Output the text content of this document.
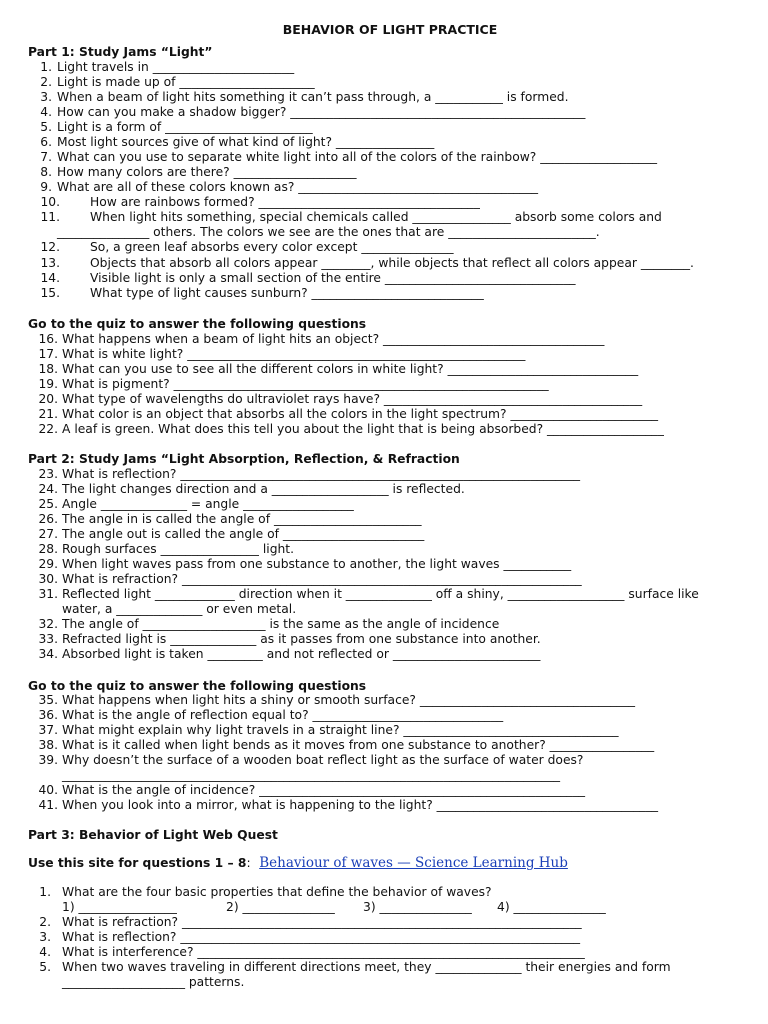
BEHAVIOR OF LIGHT PRACTICE
Part 1: Study Jams “Light”
1. Light travels in _______________________
2. Light is made up of ______________________
3. When a beam of light hits something it can’t pass through, a ___________ is formed.
4. How can you make a shadow bigger? ________________________________________________
5. Light is a form of ________________________
6. Most light sources give of what kind of light? ________________
7. What can you use to separate white light into all of the colors of the rainbow? ___________________
8. How many colors are there? ____________________
9. What are all of these colors known as? _______________________________________
10. How are rainbows formed? ____________________________________
11. When light hits something, special chemicals called ________________ absorb some colors and
12. So, a green leaf absorbs every color except _______________
13. Objects that absorb all colors appear ________, while objects that reflect all colors appear ________.
14. Visible light is only a small section of the entire _______________________________
15. What type of light causes sunburn? ____________________________
_______________ others. The colors we see are the ones that are ________________________.
Go to the quiz to answer the following questions
16. What happens when a beam of light hits an object? ____________________________________
17. What is white light? _______________________________________________________
18. What can you use to see all the different colors in white light? _______________________________
19. What is pigment? _____________________________________________________________
20. What type of wavelengths do ultraviolet rays have? __________________________________________
21. What color is an object that absorbs all the colors in the light spectrum? ________________________
22. A leaf is green. What does this tell you about the light that is being absorbed? ___________________
Part 2: Study Jams “Light Absorption, Reflection, & Refraction
23. What is reflection? _________________________________________________________________
24. The light changes direction and a ___________________ is reflected.
25. Angle ______________ = angle __________________
26. The angle in is called the angle of ________________________
27. The angle out is called the angle of _______________________
28. Rough surfaces ________________ light.
29. When light waves pass from one substance to another, the light waves ___________
30. What is refraction? _________________________________________________________________
31. Reflected light _____________ direction when it ______________ off a shiny, ___________________ surface like
32. The angle of ____________________ is the same as the angle of incidence
33. Refracted light is ______________ as it passes from one substance into another.
34. Absorbed light is taken _________ and not reflected or ________________________
water, a ______________ or even metal.
Go to the quiz to answer the following questions
35. What happens when light hits a shiny or smooth surface? ___________________________________
36. What is the angle of reflection equal to? _______________________________
37. What might explain why light travels in a straight line? ___________________________________
38. What is it called when light bends as it moves from one substance to another? _________________
39. Why doesn’t the surface of a wooden boat reflect light as the surface of water does?
40. What is the angle of incidence? _____________________________________________________
41. When you look into a mirror, what is happening to the light? ____________________________________
_________________________________________________________________________________
Part 3: Behavior of Light Web Quest
Use this site for questions 1 – 8: Behaviour of waves — Science Learning Hub
1. What are the four basic properties that define the behavior of waves?
2. What is refraction? _________________________________________________________________
3. What is reflection? _________________________________________________________________
4. What is interference? _______________________________________________________________
5. When two waves traveling in different directions meet, they ______________ their energies and form
1) ________________	2) _______________ 3) _______________ 4) _______________
____________________ patterns.
